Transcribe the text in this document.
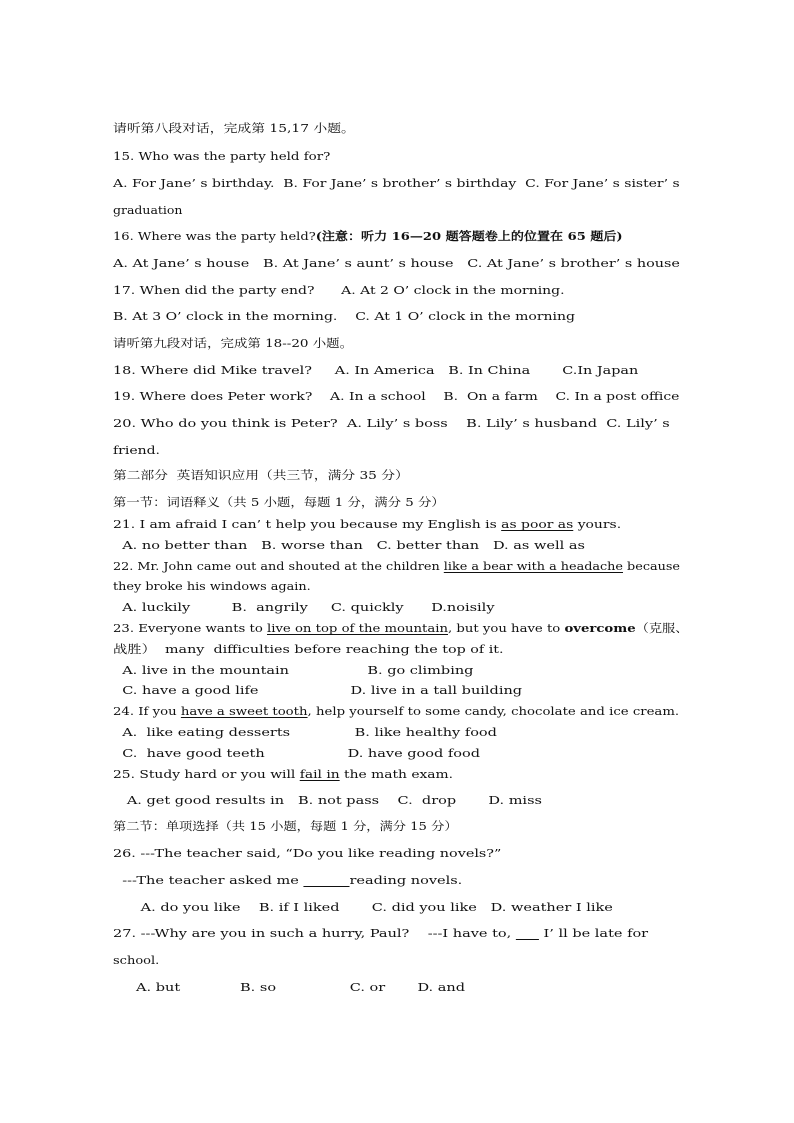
请听第八段对话，完成第 15,17 小题。
15. Who was the party held for?
A. For Jane’ s birthday.  B. For Jane’ s brother’ s birthday  C. For Jane’ s sister’ s
graduation
16. Where was the party held?(注意：听力 16—20 题答题卷上的位置在 65 题后)
A. At Jane’ s house   B. At Jane’ s aunt’ s house   C. At Jane’ s brother’ s house
17. When did the party end?      A. At 2 O’ clock in the morning.
B. At 3 O’ clock in the morning.    C. At 1 O’ clock in the morning
请听第九段对话，完成第 18--20 小题。
18. Where did Mike travel?     A. In America   B. In China       C.In Japan
19. Where does Peter work?    A. In a school    B.  On a farm    C. In a post office
20. Who do you think is Peter?  A. Lily’ s boss    B. Lily’ s husband  C. Lily’ s
friend.
第二部分  英语知识应用（共三节，满分 35 分）
第一节：词语释义（共 5 小题，每题 1 分，满分 5 分）
21. I am afraid I can’ t help you because my English is as poor as yours.
A. no better than   B. worse than   C. better than   D. as well as
22. Mr. John came out and shouted at the children like a bear with a headache because
they broke his windows again.
A. luckily         B.  angrily     C. quickly      D.noisily
23. Everyone wants to live on top of the mountain, but you have to overcome（克服、
战胜）  many  difficulties before reaching the top of it.
A. live in the mountain                 B. go climbing
C. have a good life                    D. live in a tall building
24. If you have a sweet tooth, help yourself to some candy, chocolate and ice cream.
A.  like eating desserts              B. like healthy food
C.  have good teeth                  D. have good food
25. Study hard or you will fail in the math exam.
A. get good results in   B. not pass    C.  drop       D. miss
第二节：单项选择（共 15 小题，每题 1 分，满分 15 分）
26. ---The teacher said, “Do you like reading novels?”
---The teacher asked me	reading novels.
A. do you like    B. if I liked       C. did you like   D. weather I like
27. ---Why are you in such a hurry, Paul?    ---I have to,       I’ ll be late for
school.
A. but             B. so                C. or       D. and
